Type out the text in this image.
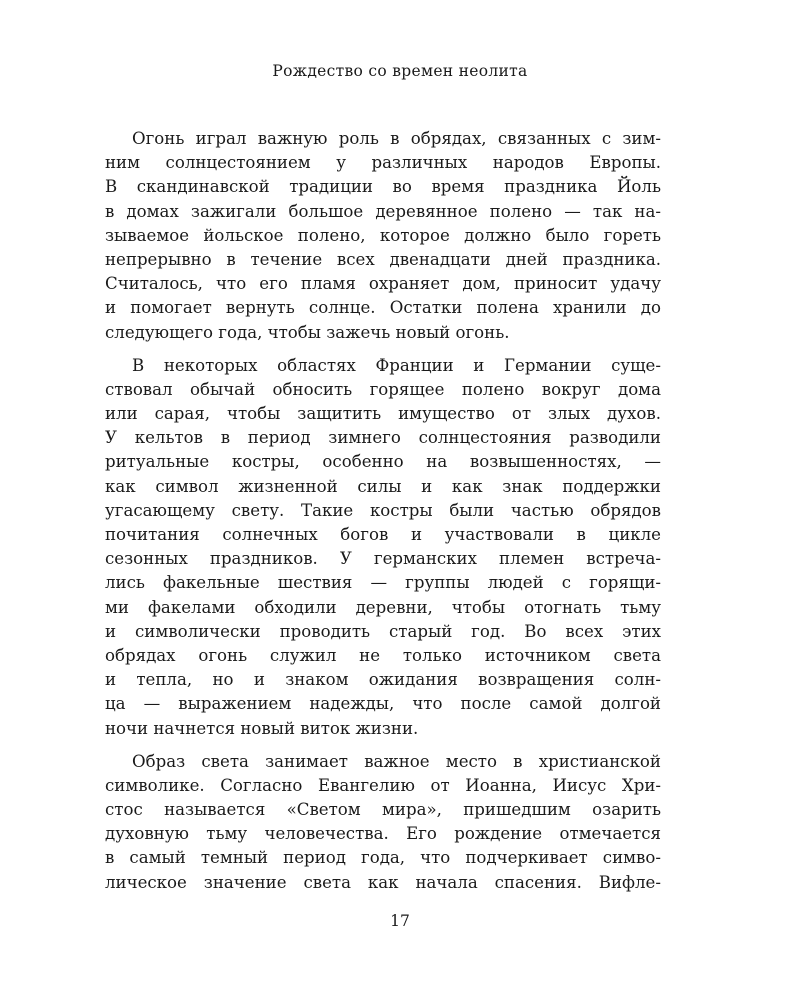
Рождество со времен неолита
Огонь играл важную роль в обрядах, связанных с зим-
ним солнцестоянием у различных народов Европы.
В скандинавской традиции во время праздника Йоль
в домах зажигали большое деревянное полено — так на-
зываемое йольское полено, которое должно было гореть
непрерывно в течение всех двенадцати дней праздника.
Считалось, что его пламя охраняет дом, приносит удачу
и помогает вернуть солнце. Остатки полена хранили до
следующего года, чтобы зажечь новый огонь.
В некоторых областях Франции и Германии суще-
ствовал обычай обносить горящее полено вокруг дома
или сарая, чтобы защитить имущество от злых духов.
У кельтов в период зимнего солнцестояния разводили
ритуальные костры, особенно на возвышенностях, —
как символ жизненной силы и как знак поддержки
угасающему свету. Такие костры были частью обрядов
почитания солнечных богов и участвовали в цикле
сезонных праздников. У германских племен встреча-
лись факельные шествия — группы людей с горящи-
ми факелами обходили деревни, чтобы отогнать тьму
и символически проводить старый год. Во всех этих
обрядах огонь служил не только источником света
и тепла, но и знаком ожидания возвращения солн-
ца — выражением надежды, что после самой долгой
ночи начнется новый виток жизни.
Образ света занимает важное место в христианской
символике. Согласно Евангелию от Иоанна, Иисус Хри-
стос называется «Светом мира», пришедшим озарить
духовную тьму человечества. Его рождение отмечается
в самый темный период года, что подчеркивает симво-
лическое значение света как начала спасения. Вифле-
17
